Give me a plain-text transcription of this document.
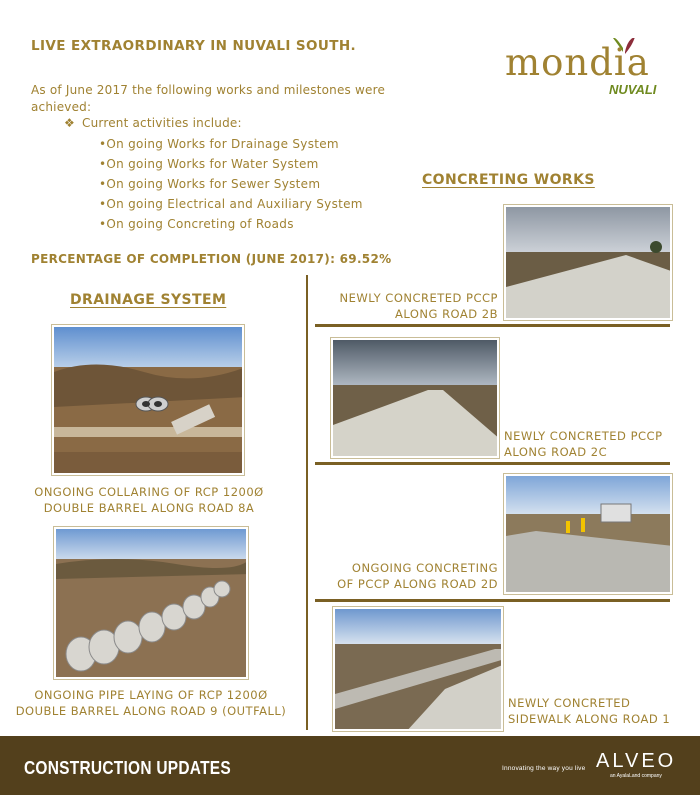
LIVE EXTRAORDINARY IN NUVALI SOUTH.
As of June 2017 the following works and milestones were achieved:
❖ Current activities include:
•On going Works for Drainage System
•On going Works for Water System
•On going Works for Sewer System
•On going Electrical and Auxiliary System
•On going Concreting of Roads
PERCENTAGE OF COMPLETION (JUNE 2017): 69.52%
mondia
NUVALI
DRAINAGE SYSTEM
ONGOING COLLARING OF RCP 1200Ø
DOUBLE BARREL ALONG ROAD 8A
ONGOING PIPE LAYING OF RCP 1200Ø
DOUBLE BARREL ALONG ROAD 9 (OUTFALL)
CONCRETING WORKS
NEWLY CONCRETED PCCP
ALONG ROAD 2B
NEWLY CONCRETED PCCP
ALONG ROAD 2C
ONGOING CONCRETING
OF PCCP ALONG ROAD 2D
NEWLY CONCRETED
SIDEWALK ALONG ROAD 1
CONSTRUCTION UPDATES	Innovating the way you live ALVEO
an AyalaLand company
